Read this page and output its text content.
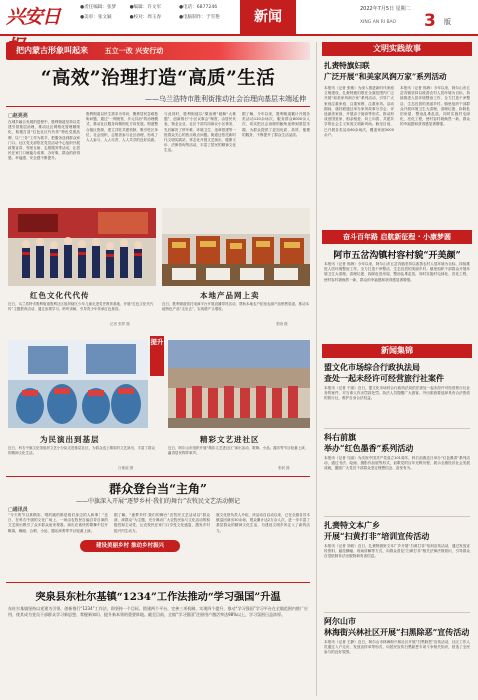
兴安日	●责任编辑：张梦	●编辑：许文军	●电话：6877246 ●美审：张文颖	●校对：周玉春	●电脑制作：于雪艳	新闻	2022年7月5日 星期二
3 版
XING AN RI BAO
把内蒙古形象叫起来 五立一改 兴安行动
“高效”治理打造“高质”生活
——乌兰浩特市胜利街推动社会治理向基层末端延伸
□赵亮亮
在城乡融合发展的进程中，胜利街道坚持以党建引领基层治理，推动社区网格化管理精细化，积极打造“红色社区代代传”特色党建品牌，以“三务”工作为抓手，把服务送到群众家门口。社区党支部依托党员活动中心组织开展政策宣讲、邻里互助、志愿服务等活动，让居民在家门口就能办成事、办好事，群众的获得感、幸福感、安全感不断提升。
胜利街道以民生需求为导向，聚焦居民急难愁盼问题，通过“一网统管、多元共治”的治理模式，推动社区服务向精细化方向发展。街道整合辖区资源，建立共驻共建机制，吸引驻区单位、社会组织、志愿者参与社区治理，形成了人人参与、人人尽责、人人共享的良好局面。
与此同时，胜利街道以“微治理”破解“大难题”，创新推行“小区议事会”制度，由居民代表、物业企业、社区干部共同商议小区事务，先后解决了停车难、环境卫生、违章搭建等一批群众关心的热点难点问题。街道还依托新时代文明实践站，常态化开展文艺演出、健康义诊、法律咨询等活动，丰富了居民的精神文化生活。
据了解，今年以来，胜利街道累计开展各类活动120余场次，服务群众8000余人次，切实把社会治理的触角延伸到基层末端，为群众提供了更加优质、高效、便捷的服务，不断提升了群众生活品质。
红色文化代代传
近日，乌兰浩特市胜利街道胜利社区组织辖区少年儿童走进党史教育基地，开展“红色文化代代传”主题教育活动，通过参观学习、聆听讲解，引导青少年传承红色基因。
记者 张梦 摄
本地产品网上卖
近日，胜利街道依托电商平台开展直播带货活动，帮助本地农户拓宽农副产品销售渠道，推动本地特色产品“走出去”，实现增产又增收。
张晓 摄
提升
为民演出到基层
近日，科右中旗文化馆组织文艺小分队走进基层社区，为群众送上精彩的文艺演出，丰富了群众的精神文化生活。
白雅丽 摄
精彩文艺进社区
近日，阿尔山市组织开展“精彩文艺进社区”演出活动，歌舞、小品、器乐等节目轮番上演，赢得居民阵阵掌声。
张帆 摄
群众登台当“主角”
——中旗深入开展“逐梦乡村·我们的舞台”农牧民文艺活动侧记
□通讯员
“今天的节目真精彩，唱的跳的都是咱们身边的人和事！”近日，在科右中旗的文化广场上，一场由农牧民自编自导自演的文艺演出吸引了众多群众前来观看。演出在欢快的歌舞中拉开帷幕，舞蹈、合唱、小品、器乐演奏等节目轮番上演。
据了解，“逐梦乡村·我们的舞台”农牧民文艺活动以“群众演、演群众”为主题，充分调动广大农牧民参与文化活动的积极性和主动性，让农牧民在家门口享受文化盛宴，激发乡村振兴内生动力。
旗文化馆负责人介绍，该活动自启动以来，已在全旗各苏木镇巡回演出30余场，观众累计达2万余人次，进一步丰富了基层群众的精神文化生活，为建设文明乡风注入了新的活力。
建设美丽乡村 推动乡村振兴
突泉县东杜尔基镇“1234”工作法推动“学习强国”升温
东杜尔基镇坚持以党建为引领，创新推行“1234”工作法，即坚持一个目标、搭建两个平台、完善三项机制、实现四个提升，推动“学习强国”学习平台在全镇范围内推广应用，使其成为党员干部群众学习新思想、掌握新知识、提升新本领的重要阵地。截至目前，全镇“学习强国”注册用户激活率达98%以上，学习氛围日益浓厚。
文明实践故事
扎赉特旗妇联
广泛开展“和美家风润万家”系列活动
本报讯（记者 张敏）为深入推进新时代家庭文明建设，扎赉特旗妇联在全旗范围内广泛开展“和美家风润万家”系列活动，引导广大家庭注重家庭、注重家教、注重家风。活动期间，旗妇联通过举办家风故事分享会、评选最美家庭、开展亲子阅读等形式，推动形成爱国爱家、相亲相爱、向上向善、共建共享的社会主义家庭文明新风尚。截至目前，已开展各类活动60余场次，覆盖家庭5000余户。
本报讯（记者 郭海）今年以来，阿尔山市五岔沟镇坚持以改善农村人居环境为目标，持续推进人居环境整治工作，全力打造干净整洁、生态宜居的美丽乡村。镇里组织干部群众开展环境卫生大清理，清理垃圾、拆除危旧房屋、整治乱堆乱放，同时实施村屯绿化、亮化工程，使村容村貌焕然一新，群众的幸福感和获得感显著增强。
奋斗百年路 启航新征程 · 小康梦圆
阿市五岔沟镇村容村貌“开美颜”
本报讯（记者 郭海）今年以来，阿尔山市五岔沟镇坚持以改善农村人居环境为目标，持续推进人居环境整治工作，全力打造干净整洁、生态宜居的美丽乡村。镇里组织干部群众开展环境卫生大清理，清理垃圾、拆除危旧房屋、整治乱堆乱放，同时实施村屯绿化、亮化工程，使村容村貌焕然一新，群众的幸福感和获得感显著增强。
新闻集锦
盟文化市场综合行政执法局
查处一起未经许可经营旅行社案件
本报讯（记者 于丽）近日，盟文化市场综合行政执法局依法查处一起未经许可经营旅行社业务的案件，对当事人作出罚款处罚。执法人员提醒广大游客，外出旅游要选择具有合法资质的旅行社，维护自身合法权益。
科右前旗
举办“红色墨香”系列活动
本报讯（记者 马丽）为庆祝中国共产党成立101周年，科右前旗近日举办“红色墨香”系列活动，通过书法、绘画、摄影作品展等形式，讴歌党的百年光辉历程，展示全旗经济社会发展成就，激励广大党员干部群众坚定理想信念、奋发有为。
扎赉特文本广乡
开展“扫黄打非”培训宣传活动
本报讯（记者 刘莉）近日，扎赉特旗努文本广乡开展“扫黄打非”培训宣传活动，通过发放宣传资料、悬挂横幅、现场讲解等方式，向群众普及“扫黄打非”相关法律法规知识，引导群众自觉抵制非法出版物和有害信息。
阿尔山市
林海街兴林社区开展“扫黑除恶”宣传活动
本报讯（记者 王静）近日，阿尔山市林海街兴林社区开展“扫黑除恶”宣传活动，社区工作人员通过入户走访、发放宣传单等形式，向居民宣传扫黑除恶专项斗争相关知识，营造了全民参与的良好氛围。
